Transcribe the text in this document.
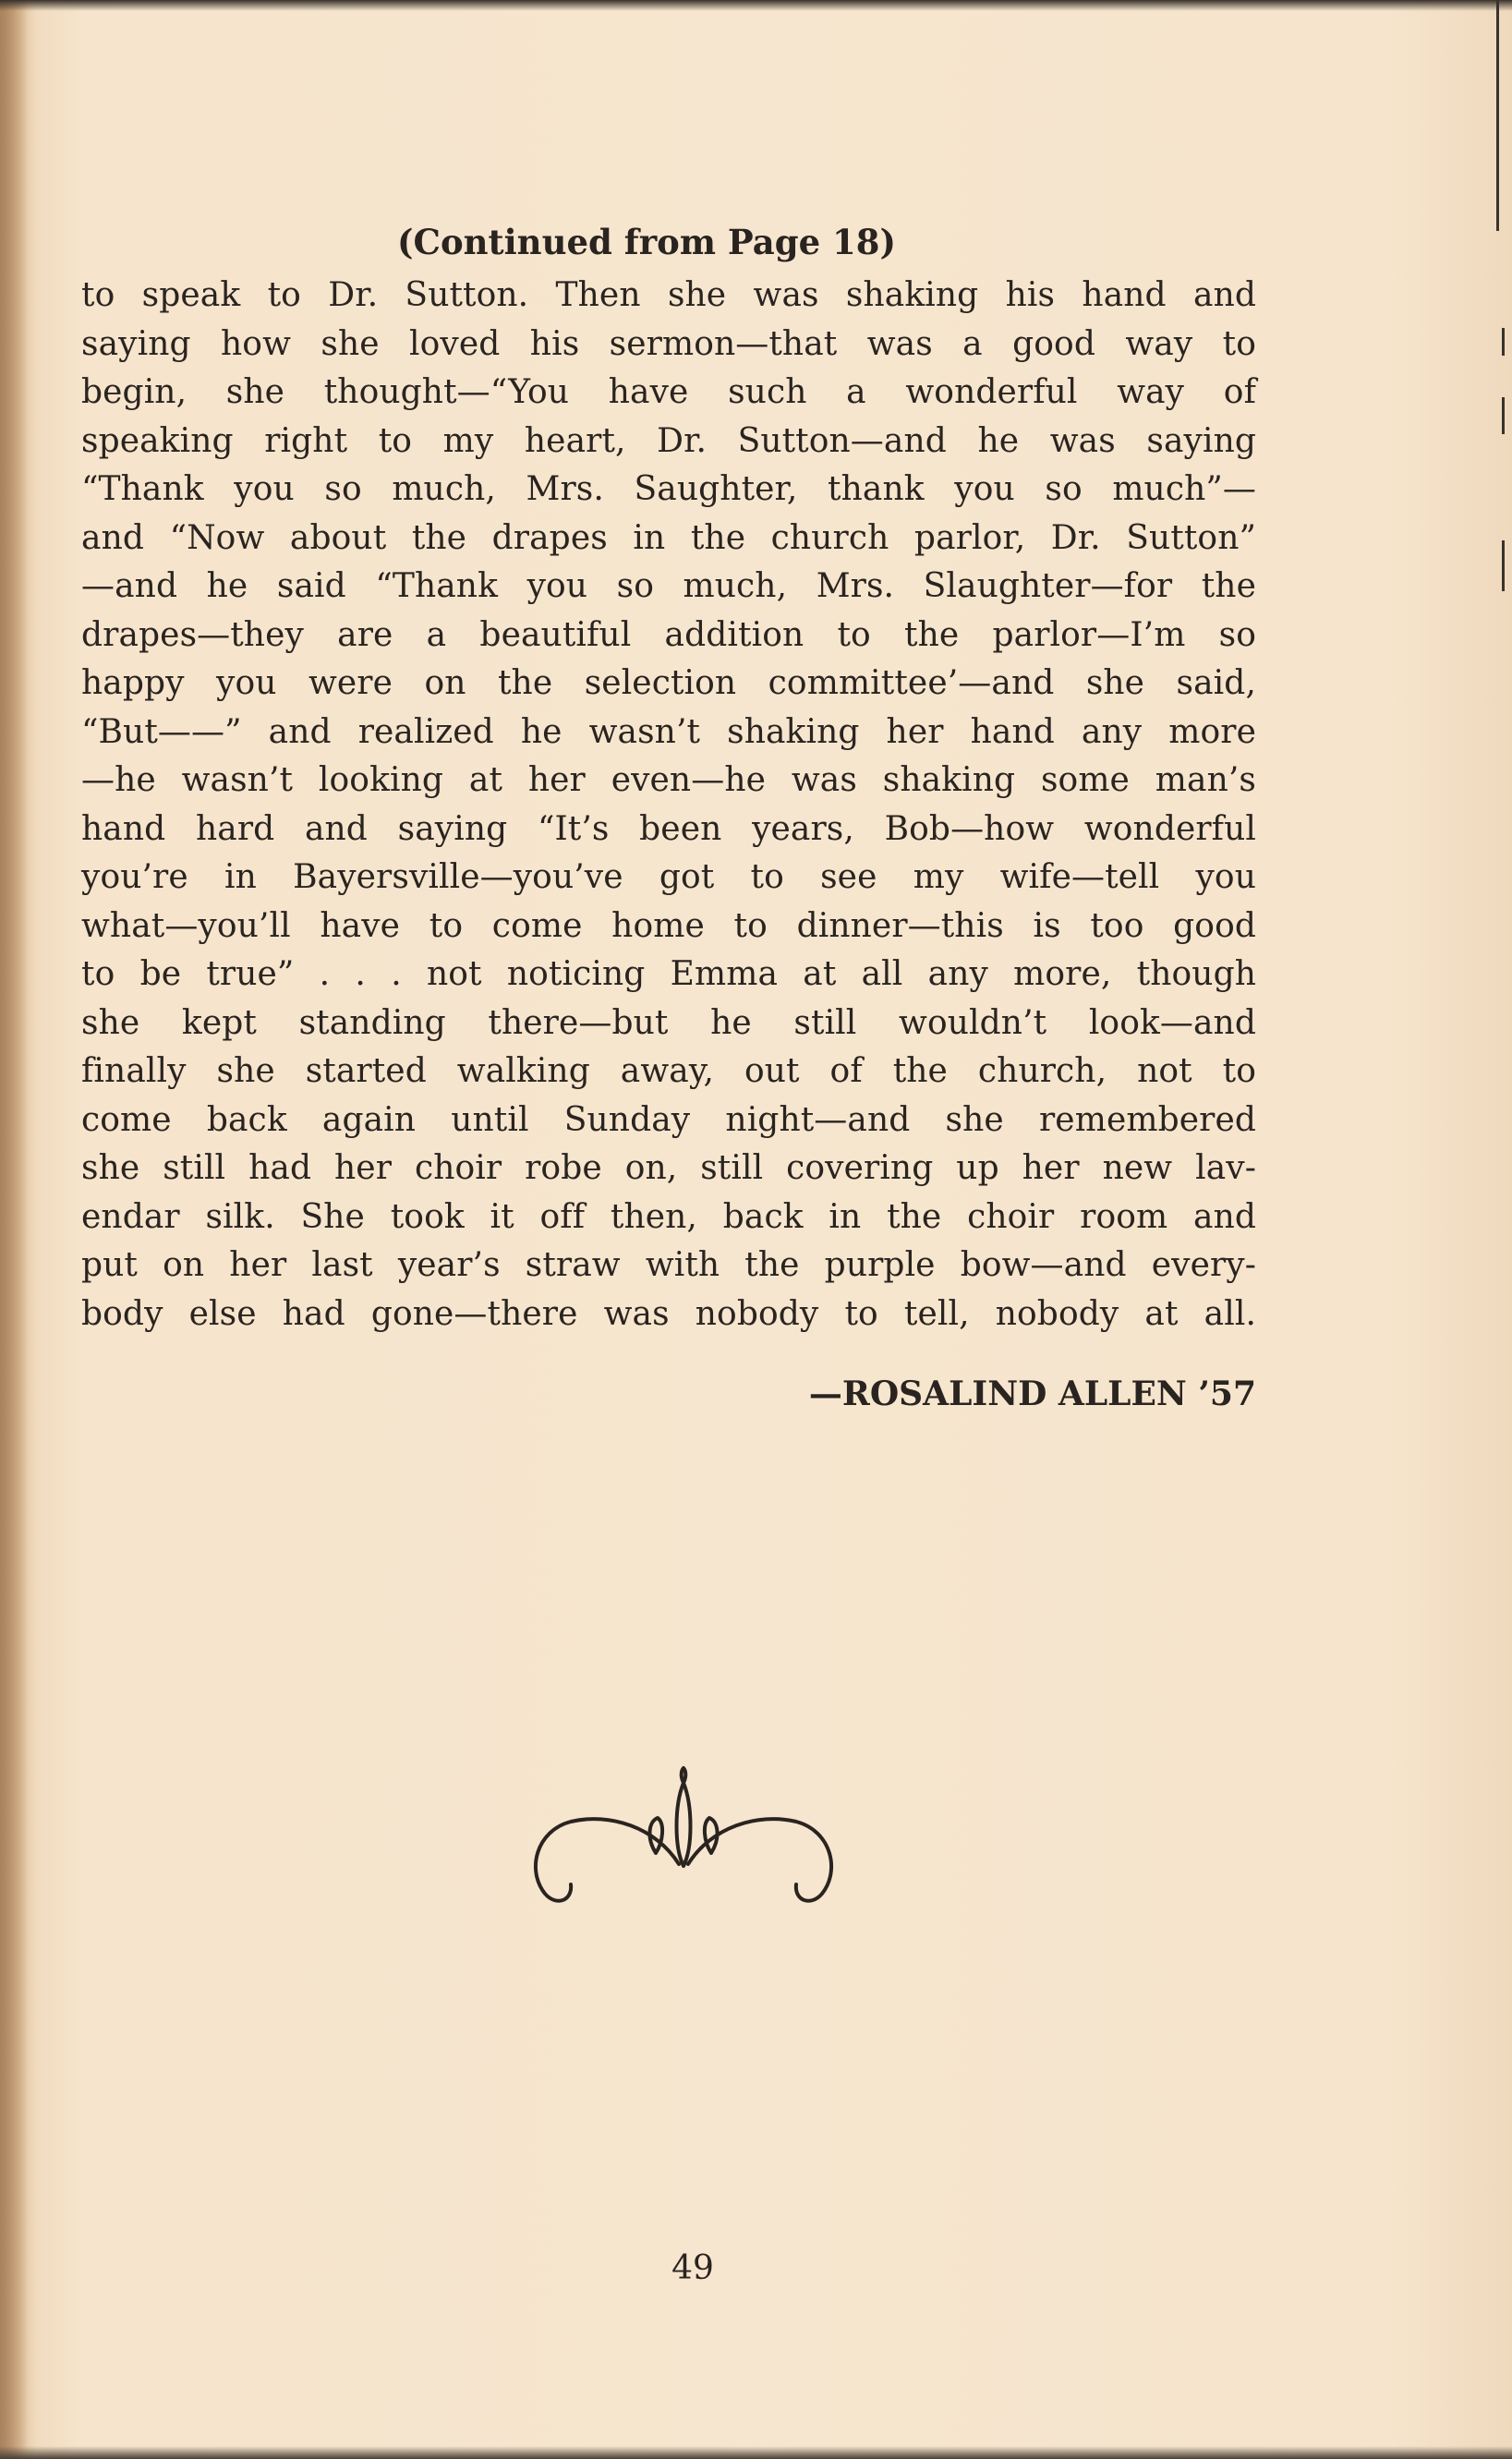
(Continued from Page 18)

to speak to Dr. Sutton. Then she was shaking his hand and
saying how she loved his sermon—that was a good way to
begin, she thought—“You have such a wonderful way of
speaking right to my heart, Dr. Sutton—and he was saying
“Thank you so much, Mrs. Saughter, thank you so much”—
and “Now about the drapes in the church parlor, Dr. Sutton”
—and he said “Thank you so much, Mrs. Slaughter—for the
drapes—they are a beautiful addition to the parlor—I’m so
happy you were on the selection committee’—and she said,
“But——” and realized he wasn’t shaking her hand any more
—he wasn’t looking at her even—he was shaking some man’s
hand hard and saying “It’s been years, Bob—how wonderful
you’re in Bayersville—you’ve got to see my wife—tell you
what—you’ll have to come home to dinner—this is too good
to be true” . . . not noticing Emma at all any more, though
she kept standing there—but he still wouldn’t look—and
finally she started walking away, out of the church, not to
come back again until Sunday night—and she remembered
she still had her choir robe on, still covering up her new lav-
endar silk. She took it off then, back in the choir room and
put on her last year’s straw with the purple bow—and every-
body else had gone—there was nobody to tell, nobody at all.

—ROSALIND ALLEN ’57

49
